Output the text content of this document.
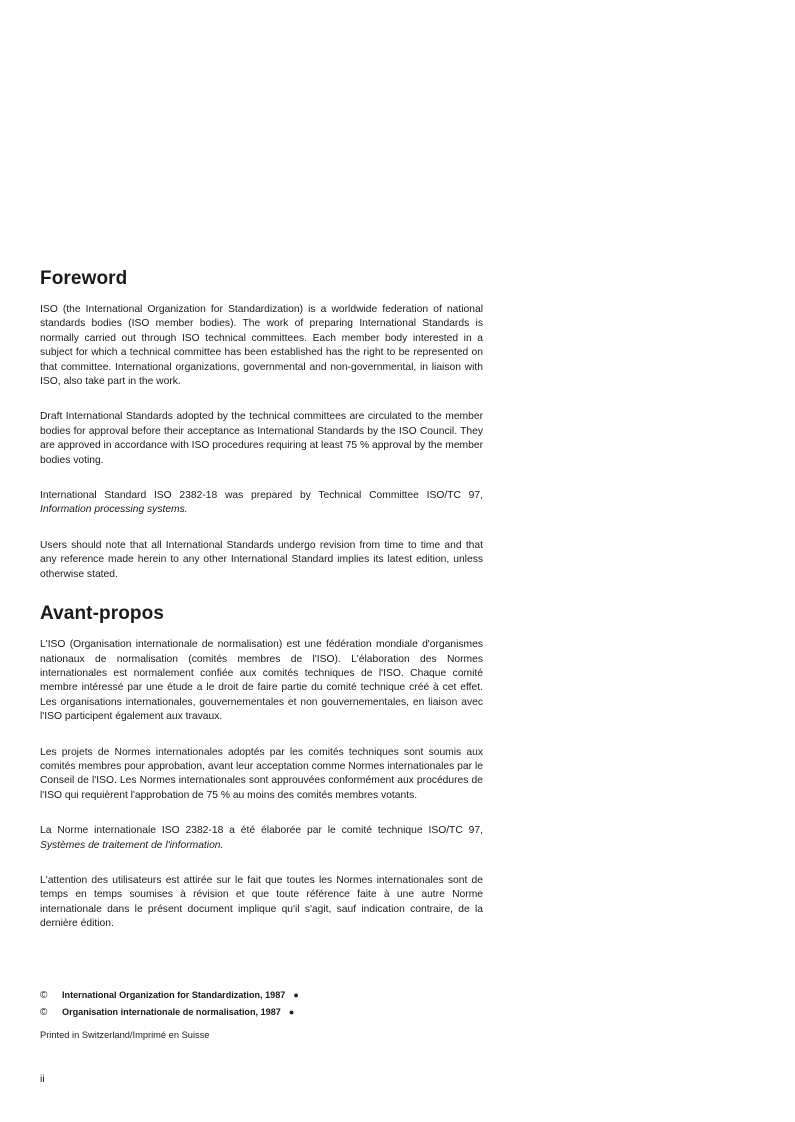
Foreword

ISO (the International Organization for Standardization) is a worldwide federation of national standards bodies (ISO member bodies). The work of preparing International Standards is normally carried out through ISO technical committees. Each member body interested in a subject for which a technical committee has been established has the right to be represented on that committee. International organizations, governmental and non-governmental, in liaison with ISO, also take part in the work.

Draft International Standards adopted by the technical committees are circulated to the member bodies for approval before their acceptance as International Standards by the ISO Council. They are approved in accordance with ISO procedures requiring at least 75 % approval by the member bodies voting.

International Standard ISO 2382-18 was prepared by Technical Committee ISO/TC 97, Information processing systems.

Users should note that all International Standards undergo revision from time to time and that any reference made herein to any other International Standard implies its latest edition, unless otherwise stated.

Avant-propos

L'ISO (Organisation internationale de normalisation) est une fédération mondiale d'organismes nationaux de normalisation (comités membres de l'ISO). L'élaboration des Normes internationales est normalement confiée aux comités techniques de l'ISO. Chaque comité membre intéressé par une étude a le droit de faire partie du comité technique créé à cet effet. Les organisations internationales, gouvernementales et non gouvernementales, en liaison avec l'ISO participent également aux travaux.

Les projets de Normes internationales adoptés par les comités techniques sont soumis aux comités membres pour approbation, avant leur acceptation comme Normes internationales par le Conseil de l'ISO. Les Normes internationales sont approuvées conformément aux procédures de l'ISO qui requièrent l'approbation de 75 % au moins des comités membres votants.

La Norme internationale ISO 2382-18 a été élaborée par le comité technique ISO/TC 97, Systèmes de traitement de l'information.

L'attention des utilisateurs est attirée sur le fait que toutes les Normes internationales sont de temps en temps soumises à révision et que toute référence faite à une autre Norme internationale dans le présent document implique qu'il s'agit, sauf indication contraire, de la dernière édition.

© International Organization for Standardization, 1987 ●
© Organisation internationale de normalisation, 1987 ●
Printed in Switzerland/Imprimé en Suisse
ii
